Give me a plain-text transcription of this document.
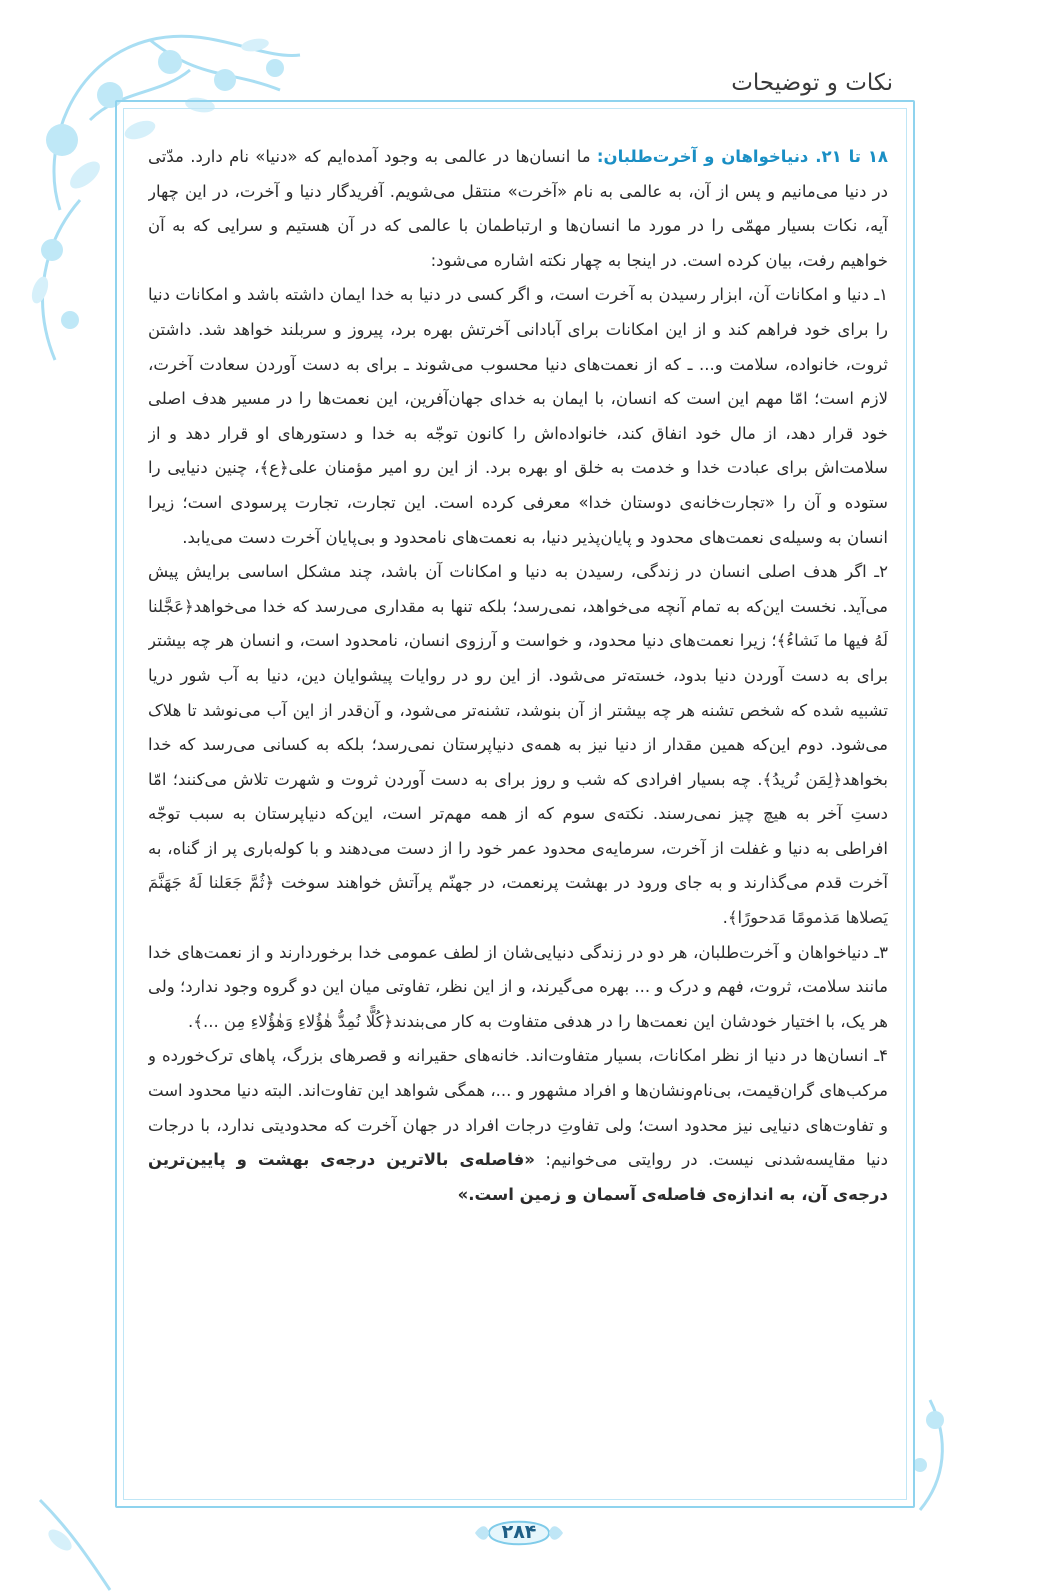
نکات و توضیحات

۱۸ تا ۲۱. دنیاخواهان و آخرت‌طلبان: ما انسان‌ها در عالمی به وجود آمده‌ایم که «دنیا» نام دارد. مدّتی در دنیا می‌مانیم و پس از آن، به عالمی به نام «آخرت» منتقل می‌شویم. آفریدگار دنیا و آخرت، در این چهار آیه، نکات بسیار مهمّی را در مورد ما انسان‌ها و ارتباطمان با عالمی که در آن هستیم و سرایی که به آن خواهیم رفت، بیان کرده است. در اینجا به چهار نکته اشاره می‌شود:

۱ـ دنیا و امکانات آن، ابزار رسیدن به آخرت است، و اگر کسی در دنیا به خدا ایمان داشته باشد و امکانات دنیا را برای خود فراهم کند و از این امکانات برای آبادانی آخرتش بهره برد، پیروز و سربلند خواهد شد. داشتن ثروت، خانواده، سلامت و... ـ که از نعمت‌های دنیا محسوب می‌شوند ـ برای به دست آوردن سعادت آخرت، لازم است؛ امّا مهم این است که انسان، با ایمان به خدای جهان‌آفرین، این نعمت‌ها را در مسیر هدف اصلی خود قرار دهد، از مال خود انفاق کند، خانواده‌اش را کانون توجّه به خدا و دستورهای او قرار دهد و از سلامت‌اش برای عبادت خدا و خدمت به خلق او بهره برد. از این رو امیر مؤمنان علی﴿ع﴾، چنین دنیایی را ستوده و آن را «تجارت‌خانه‌ی دوستان خدا» معرفی کرده است. این تجارت، تجارت پرسودی است؛ زیرا انسان به وسیله‌ی نعمت‌های محدود و پایان‌پذیر دنیا، به نعمت‌های نامحدود و بی‌پایان آخرت دست می‌یابد.

۲ـ اگر هدف اصلی انسان در زندگی، رسیدن به دنیا و امکانات آن باشد، چند مشکل اساسی برایش پیش می‌آید. نخست این‌که به تمام آنچه می‌خواهد، نمی‌رسد؛ بلکه تنها به مقداری می‌رسد که خدا می‌خواهد﴿عَجَّلنا لَهُ فيها ما نَشاءُ﴾؛ زیرا نعمت‌های دنیا محدود، و خواست و آرزوی انسان، نامحدود است، و انسان هر چه بیشتر برای به دست آوردن دنیا بدود، خسته‌تر می‌شود. از این رو در روایات پیشوایان دین، دنیا به آب شور دریا تشبیه شده که شخص تشنه هر چه بیشتر از آن بنوشد، تشنه‌تر می‌شود، و آن‌قدر از این آب می‌نوشد تا هلاک می‌شود. دوم این‌که همین مقدار از دنیا نیز به همه‌ی دنیاپرستان نمی‌رسد؛ بلکه به کسانی می‌رسد که خدا بخواهد﴿لِمَن نُريدُ﴾. چه بسیار افرادی که شب و روز برای به دست آوردن ثروت و شهرت تلاش می‌کنند؛ امّا دستِ آخر به هیچ چیز نمی‌رسند. نکته‌ی سوم که از همه مهم‌تر است، این‌که دنیاپرستان به سبب توجّه افراطی به دنیا و غفلت از آخرت، سرمایه‌ی محدود عمر خود را از دست می‌دهند و با کوله‌باری پر از گناه، به آخرت قدم می‌گذارند و به جای ورود در بهشت پرنعمت، در جهنّم پرآتش خواهند سوخت ﴿ثُمَّ جَعَلنا لَهُ جَهَنَّمَ يَصلاها مَذمومًا مَدحورًا﴾.

۳ـ دنیاخواهان و آخرت‌طلبان، هر دو در زندگی دنیایی‌شان از لطف عمومی خدا برخوردارند و از نعمت‌های خدا مانند سلامت، ثروت، فهم و درک و ... بهره می‌گیرند، و از این نظر، تفاوتی میان این دو گروه وجود ندارد؛ ولی هر یک، با اختیار خودشان این نعمت‌ها را در هدفی متفاوت به کار می‌بندند﴿كُلًّا نُمِدُّ هٰؤُلاءِ وَهٰؤُلاءِ مِن ...﴾.

۴ـ انسان‌ها در دنیا از نظر امکانات، بسیار متفاوت‌اند. خانه‌های حقیرانه و قصرهای بزرگ، پاهای ترک‌خورده و مرکب‌های گران‌قیمت، بی‌نام‌ونشان‌ها و افراد مشهور و ...، همگی شواهد این تفاوت‌اند. البته دنیا محدود است و تفاوت‌های دنیایی نیز محدود است؛ ولی تفاوتِ درجات افراد در جهان آخرت که محدودیتی ندارد، با درجات دنیا مقایسه‌شدنی نیست. در روایتی می‌خوانیم: «فاصله‌ی بالاترین درجه‌ی بهشت و پایین‌ترین درجه‌ی آن، به اندازه‌ی فاصله‌ی آسمان و زمین است.»

۲۸۴
